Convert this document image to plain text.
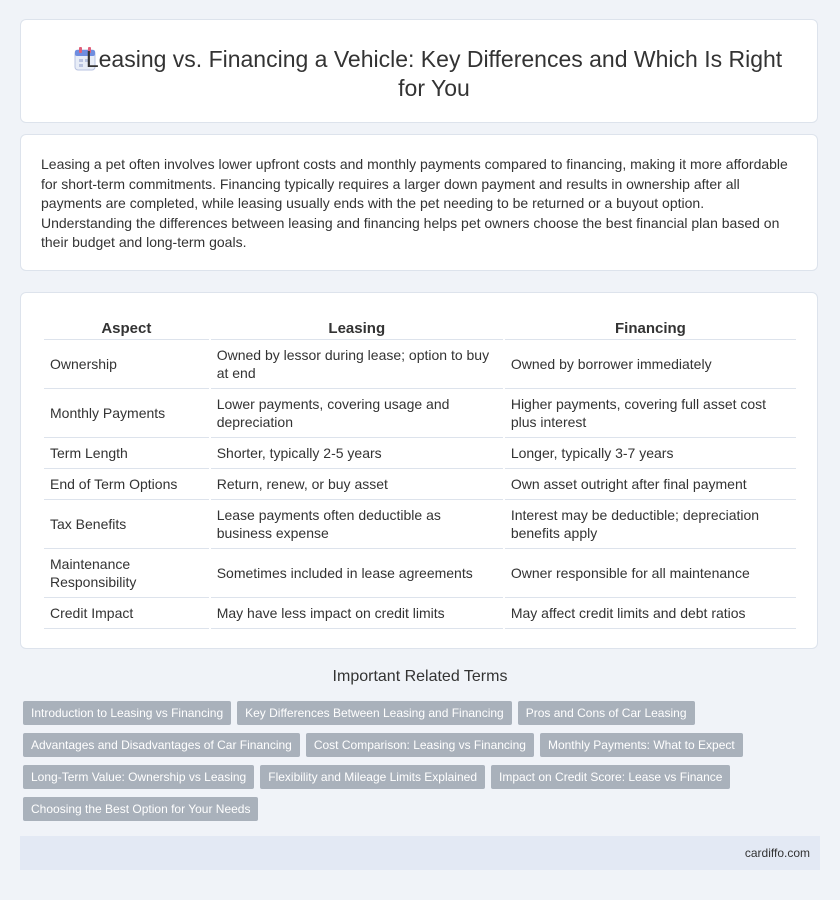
Leasing vs. Financing a Vehicle: Key Differences and Which Is Right for You

Leasing a pet often involves lower upfront costs and monthly payments compared to financing, making it more affordable for short-term commitments. Financing typically requires a larger down payment and results in ownership after all payments are completed, while leasing usually ends with the pet needing to be returned or a buyout option. Understanding the differences between leasing and financing helps pet owners choose the best financial plan based on their budget and long-term goals.

Aspect	Leasing	Financing
Ownership	Owned by lessor during lease; option to buy at end	Owned by borrower immediately
Monthly Payments	Lower payments, covering usage and depreciation	Higher payments, covering full asset cost plus interest
Term Length	Shorter, typically 2-5 years	Longer, typically 3-7 years
End of Term Options	Return, renew, or buy asset	Own asset outright after final payment
Tax Benefits	Lease payments often deductible as business expense	Interest may be deductible; depreciation benefits apply
Maintenance Responsibility	Sometimes included in lease agreements	Owner responsible for all maintenance
Credit Impact	May have less impact on credit limits	May affect credit limits and debt ratios
Important Related Terms
Introduction to Leasing vs Financing Key Differences Between Leasing and Financing Pros and Cons of Car Leasing
Advantages and Disadvantages of Car Financing Cost Comparison: Leasing vs Financing Monthly Payments: What to Expect
Long-Term Value: Ownership vs Leasing Flexibility and Mileage Limits Explained Impact on Credit Score: Lease vs Finance
Choosing the Best Option for Your Needs
cardiffo.com
